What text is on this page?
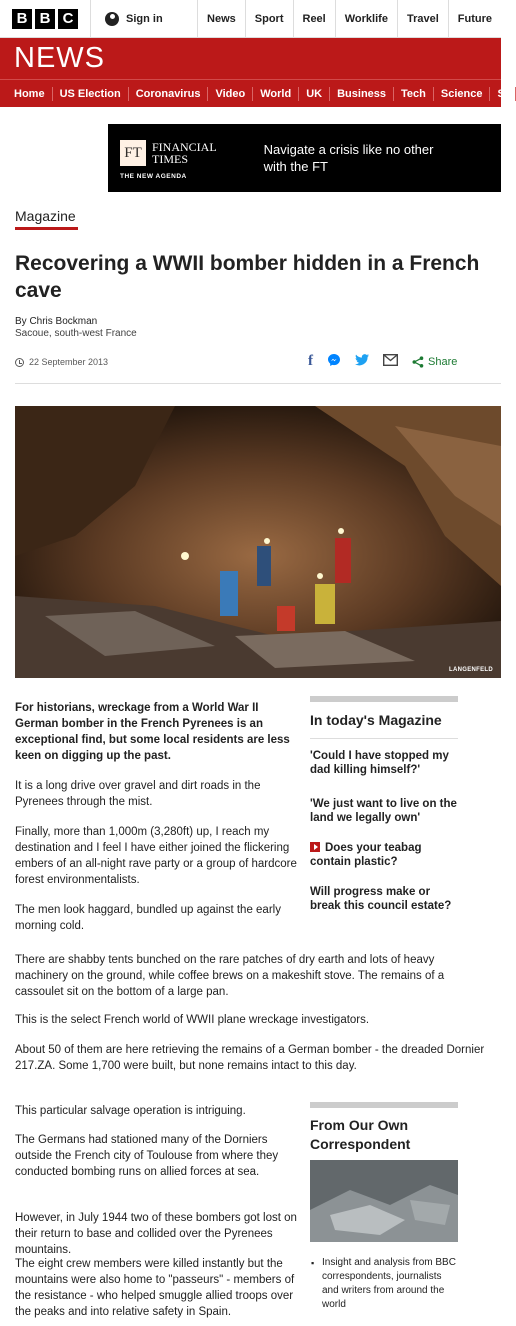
B B C	Sign in	News	Sport	Reel	Worklife	Travel	Future
NEWS
Home	US Election	Coronavirus	Video	World	UK	Business	Tech	Science	St
FT FINANCIAL
TIMES
THE NEW AGENDA
Navigate a crisis like no other with the FT
Magazine
Recovering a WWII bomber hidden in a French cave
By Chris Bockman
Sacoue, south-west France
22 September 2013	f	Share
LANGENFELD

For historians, wreckage from a World War II German bomber in the French Pyrenees is an exceptional find, but some local residents are less keen on digging up the past.

It is a long drive over gravel and dirt roads in the Pyrenees through the mist.

Finally, more than 1,000m (3,280ft) up, I reach my destination and I feel I have either joined the flickering embers of an all-night rave party or a group of hardcore forest environmentalists.

The men look haggard, bundled up against the early morning cold.

There are shabby tents bunched on the rare patches of dry earth and lots of heavy machinery on the ground, while coffee brews on a makeshift stove. The remains of a cassoulet sit on the bottom of a large pan.

This is the select French world of WWII plane wreckage investigators.

About 50 of them are here retrieving the remains of a German bomber - the dreaded Dornier 217.ZA. Some 1,700 were built, but none remains intact to this day.

This particular salvage operation is intriguing.

The Germans had stationed many of the Dorniers outside the French city of Toulouse from where they conducted bombing runs on allied forces at sea.

However, in July 1944 two of these bombers got lost on their return to base and collided over the Pyrenees mountains.

The eight crew members were killed instantly but the mountains were also home to "passeurs" - members of the resistance - who helped smuggle allied troops over the peaks and into relative safety in Spain.

In today's Magazine
'Could I have stopped my dad killing himself?'
'We just want to live on the land we legally own'
Does your teabag contain plastic?
Will progress make or break this council estate?
From Our Own Correspondent
▪ Insight and analysis from BBC correspondents, journalists and writers from around the world
